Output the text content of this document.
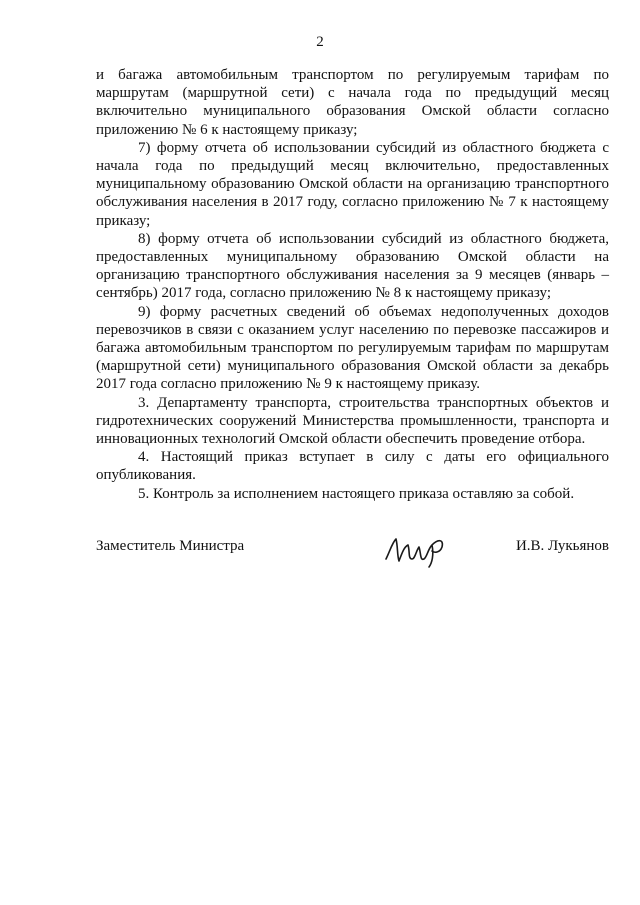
2

и багажа автомобильным транспортом по регулируемым тарифам по маршрутам (маршрутной сети) с начала года по предыдущий месяц включительно муниципального образования Омской области согласно приложению № 6 к настоящему приказу;

7) форму отчета об использовании субсидий из областного бюджета с начала года по предыдущий месяц включительно, предоставленных муниципальному образованию Омской области на организацию транспортного обслуживания населения в 2017 году, согласно приложению № 7 к настоящему приказу;

8) форму отчета об использовании субсидий из областного бюджета, предоставленных муниципальному образованию Омской области на организацию транспортного обслуживания населения за 9 месяцев (январь – сентябрь) 2017 года, согласно приложению № 8 к настоящему приказу;

9) форму расчетных сведений об объемах недополученных доходов перевозчиков в связи с оказанием услуг населению по перевозке пассажиров и багажа автомобильным транспортом по регулируемым тарифам по маршрутам (маршрутной сети) муниципального образования Омской области за декабрь 2017 года согласно приложению № 9 к настоящему приказу.

3. Департаменту транспорта, строительства транспортных объектов и гидротехнических сооружений Министерства промышленности, транспорта и инновационных технологий Омской области обеспечить проведение отбора.

4. Настоящий приказ вступает в силу с даты его официального опубликования.

5. Контроль за исполнением настоящего приказа оставляю за собой.

Заместитель Министра	И.В. Лукьянов
